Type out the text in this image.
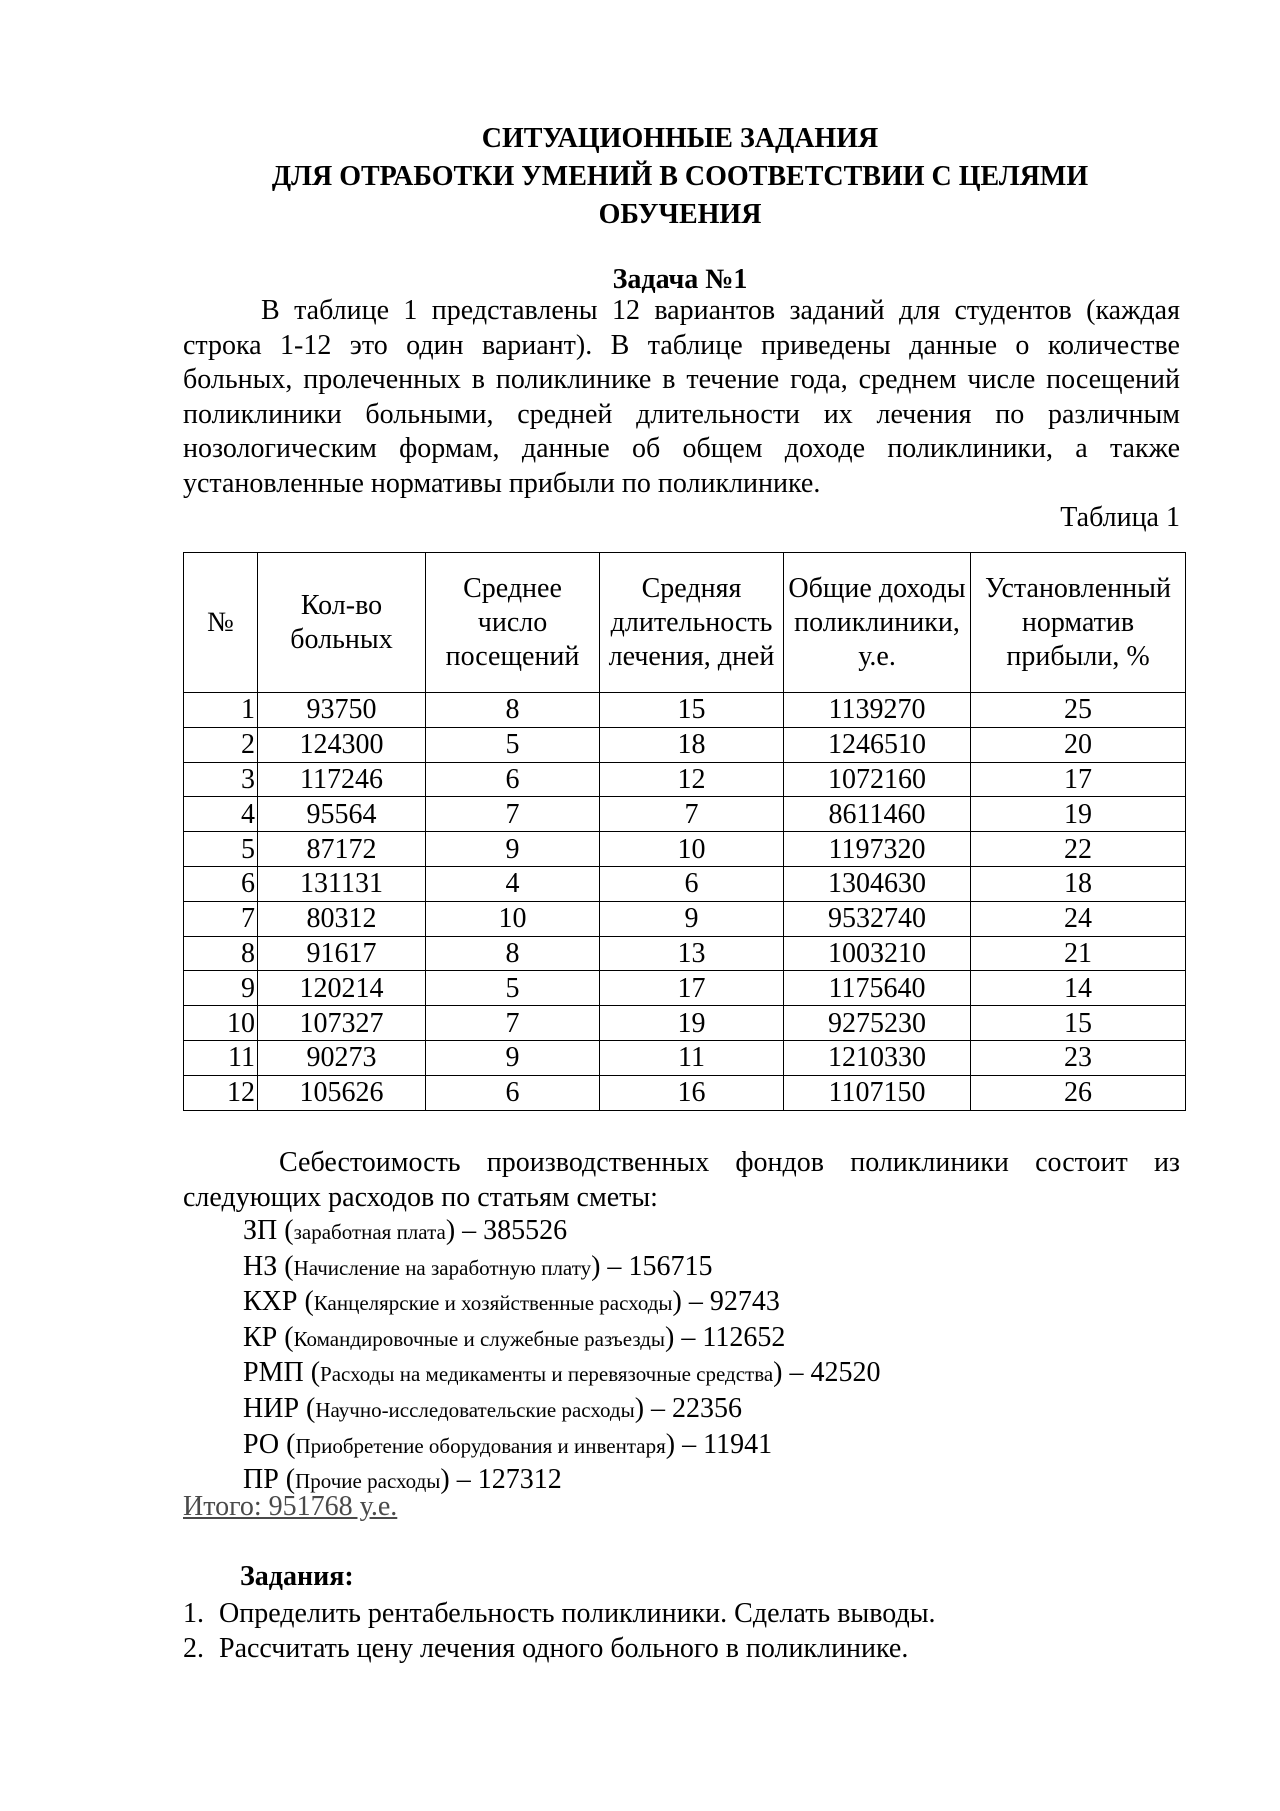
СИТУАЦИОННЫЕ ЗАДАНИЯ
ДЛЯ ОТРАБОТКИ УМЕНИЙ В СООТВЕТСТВИИ С ЦЕЛЯМИ
ОБУЧЕНИЯ
Задача №1

В таблице 1 представлены 12 вариантов заданий для студентов (каждая строка 1-12 это один вариант). В таблице приведены данные о количестве больных, пролеченных в поликлинике в течение года, среднем числе посещений поликлиники больными, средней длительности их лечения по различным нозологическим формам, данные об общем доходе поликлиники, а также установленные нормативы прибыли по поликлинике.

Таблица 1
№	Кол-во больных	Среднее число посещений	Средняя длительность лечения, дней	Общие доходы поликлиники, у.е.	Установленный норматив прибыли, %
1	93750	8	15	1139270	25
2	124300	5	18	1246510	20
3	117246	6	12	1072160	17
4	95564	7	7	8611460	19
5	87172	9	10	1197320	22
6	131131	4	6	1304630	18
7	80312	10	9	9532740	24
8	91617	8	13	1003210	21
9	120214	5	17	1175640	14
10	107327	7	19	9275230	15
11	90273	9	11	1210330	23
12	105626	6	16	1107150	26

Себестоимость производственных фондов поликлиники состоит из следующих расходов по статьям сметы:

ЗП (заработная плата) – 385526
НЗ (Начисление на заработную плату) – 156715
КХР (Канцелярские и хозяйственные расходы) – 92743
КР (Командировочные и служебные разъезды) – 112652
РМП (Расходы на медикаменты и перевязочные средства) – 42520
НИР (Научно-исследовательские расходы) – 22356
РО (Приобретение оборудования и инвентаря) – 11941
ПР (Прочие расходы) – 127312
Итого: 951768 у.е.
Задания:
1. Определить рентабельность поликлиники. Сделать выводы.
2. Рассчитать цену лечения одного больного в поликлинике.
